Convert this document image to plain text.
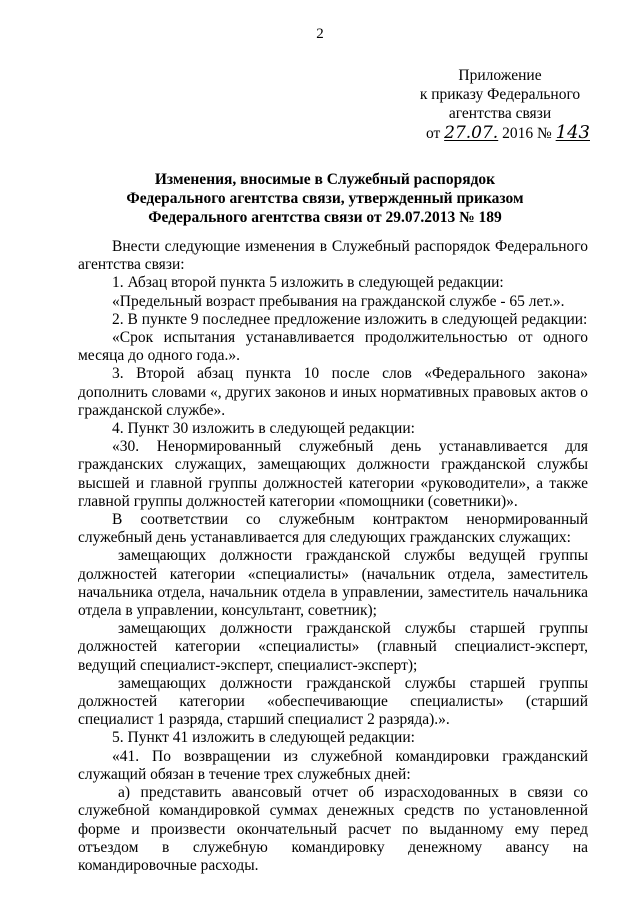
2
Приложение
к приказу Федерального
агентства связи
от 27.07. 2016 № 143
Изменения, вносимые в Служебный распорядок
Федерального агентства связи, утвержденный приказом
Федерального агентства связи от 29.07.2013 № 189

Внести следующие изменения в Служебный распорядок Федерального агентства связи:

1. Абзац второй пункта 5 изложить в следующей редакции:

«Предельный возраст пребывания на гражданской службе - 65 лет.».

2. В пункте 9 последнее предложение изложить в следующей редакции:

«Срок испытания устанавливается продолжительностью от одного месяца до одного года.».

3. Второй абзац пункта 10 после слов «Федерального закона» дополнить словами «, других законов и иных нормативных правовых актов о гражданской службе».

4. Пункт 30 изложить в следующей редакции:

«30. Ненормированный служебный день устанавливается для гражданских служащих, замещающих должности гражданской службы высшей и главной группы должностей категории «руководители», а также главной группы должностей категории «помощники (советники)».

В соответствии со служебным контрактом ненормированный служебный день устанавливается для следующих гражданских служащих:

замещающих должности гражданской службы ведущей группы должностей категории «специалисты» (начальник отдела, заместитель начальника отдела, начальник отдела в управлении, заместитель начальника отдела в управлении, консультант, советник);

замещающих должности гражданской службы старшей группы должностей категории «специалисты» (главный специалист-эксперт, ведущий специалист-эксперт, специалист-эксперт);

замещающих должности гражданской службы старшей группы должностей категории «обеспечивающие специалисты» (старший специалист 1 разряда, старший специалист 2 разряда).».

5. Пункт 41 изложить в следующей редакции:

«41. По возвращении из служебной командировки гражданский служащий обязан в течение трех служебных дней:

а) представить авансовый отчет об израсходованных в связи со служебной командировкой суммах денежных средств по установленной форме и произвести окончательный расчет по выданному ему перед отъездом в служебную командировку денежному авансу на командировочные расходы.
